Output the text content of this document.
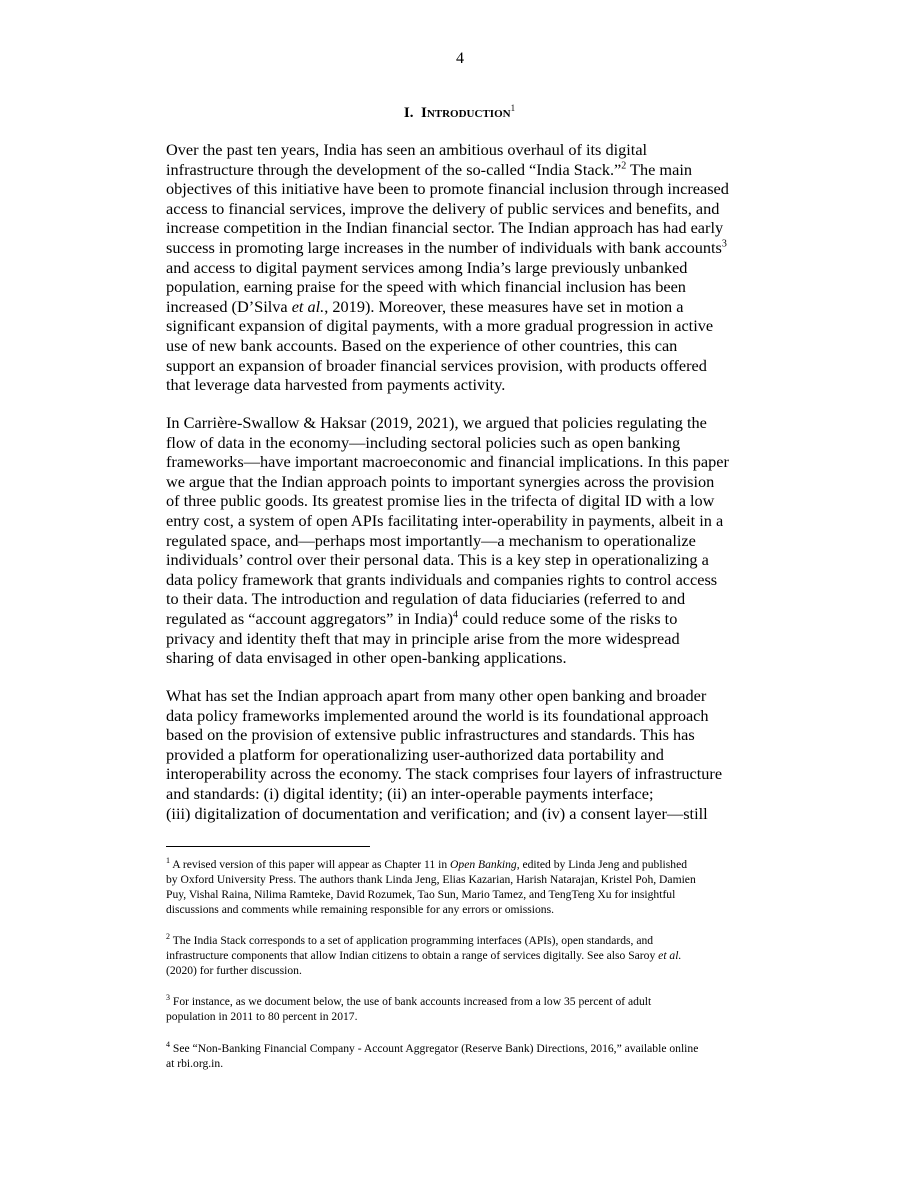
4
I. Introduction$^1$
Over the past ten years, India has seen an ambitious overhaul of its digital
infrastructure through the development of the so-called “India Stack.”$^2$ The main
objectives of this initiative have been to promote financial inclusion through increased
access to financial services, improve the delivery of public services and benefits, and
increase competition in the Indian financial sector. The Indian approach has had early
success in promoting large increases in the number of individuals with bank accounts$^3$
and access to digital payment services among India’s large previously unbanked
population, earning praise for the speed with which financial inclusion has been
increased (D’Silva et al., 2019). Moreover, these measures have set in motion a
significant expansion of digital payments, with a more gradual progression in active
use of new bank accounts. Based on the experience of other countries, this can
support an expansion of broader financial services provision, with products offered
that leverage data harvested from payments activity.
In Carrière-Swallow & Haksar (2019, 2021), we argued that policies regulating the
flow of data in the economy—including sectoral policies such as open banking
frameworks—have important macroeconomic and financial implications. In this paper
we argue that the Indian approach points to important synergies across the provision
of three public goods. Its greatest promise lies in the trifecta of digital ID with a low
entry cost, a system of open APIs facilitating inter-operability in payments, albeit in a
regulated space, and—perhaps most importantly—a mechanism to operationalize
individuals’ control over their personal data. This is a key step in operationalizing a
data policy framework that grants individuals and companies rights to control access
to their data. The introduction and regulation of data fiduciaries (referred to and
regulated as “account aggregators” in India)$^4$ could reduce some of the risks to
privacy and identity theft that may in principle arise from the more widespread
sharing of data envisaged in other open-banking applications.
What has set the Indian approach apart from many other open banking and broader
data policy frameworks implemented around the world is its foundational approach
based on the provision of extensive public infrastructures and standards. This has
provided a platform for operationalizing user-authorized data portability and
interoperability across the economy. The stack comprises four layers of infrastructure
and standards: (i) digital identity; (ii) an inter-operable payments interface;
(iii) digitalization of documentation and verification; and (iv) a consent layer—still
$^1$ A revised version of this paper will appear as Chapter 11 in Open Banking, edited by Linda Jeng and published
by Oxford University Press. The authors thank Linda Jeng, Elias Kazarian, Harish Natarajan, Kristel Poh, Damien
Puy, Vishal Raina, Nilima Ramteke, David Rozumek, Tao Sun, Mario Tamez, and TengTeng Xu for insightful
discussions and comments while remaining responsible for any errors or omissions.
$^2$ The India Stack corresponds to a set of application programming interfaces (APIs), open standards, and
infrastructure components that allow Indian citizens to obtain a range of services digitally. See also Saroy et al.
(2020) for further discussion.
$^3$ For instance, as we document below, the use of bank accounts increased from a low 35 percent of adult
population in 2011 to 80 percent in 2017.
$^4$ See “Non-Banking Financial Company - Account Aggregator (Reserve Bank) Directions, 2016,” available online
at rbi.org.in.
